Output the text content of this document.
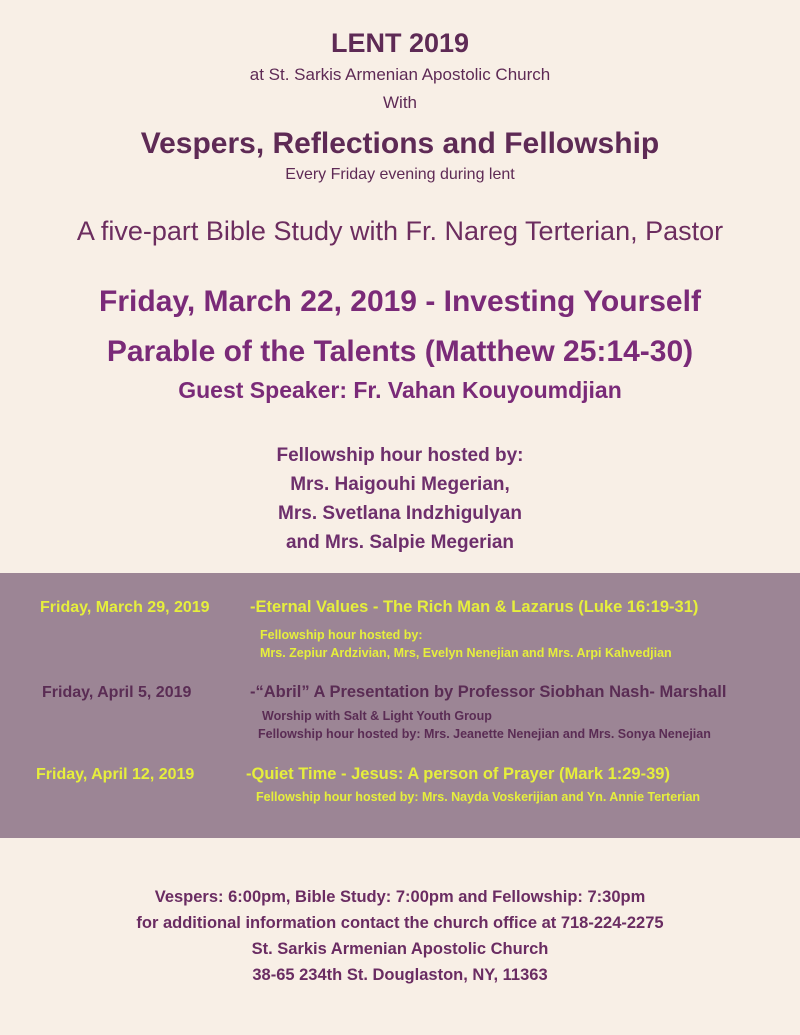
LENT 2019
at St. Sarkis Armenian Apostolic Church
With
Vespers, Reflections and Fellowship
Every Friday evening during lent
A five-part Bible Study with Fr. Nareg Terterian, Pastor
Friday, March 22, 2019 - Investing Yourself
Parable of the Talents (Matthew 25:14-30)
Guest Speaker: Fr. Vahan Kouyoumdjian
Fellowship hour hosted by:
Mrs. Haigouhi Megerian,
Mrs. Svetlana Indzhigulyan
and Mrs. Salpie Megerian
Friday, March 29, 2019 -Eternal Values - The Rich Man & Lazarus (Luke 16:19-31)
Fellowship hour hosted by:
Mrs. Zepiur Ardzivian, Mrs, Evelyn Nenejian and Mrs. Arpi Kahvedjian
Friday, April 5, 2019	-“Abril” A Presentation by Professor Siobhan Nash- Marshall
Worship with Salt & Light Youth Group
Fellowship hour hosted by: Mrs. Jeanette Nenejian and Mrs. Sonya Nenejian
Friday, April 12, 2019	-Quiet Time - Jesus: A person of Prayer (Mark 1:29-39)
Fellowship hour hosted by: Mrs. Nayda Voskerijian and Yn. Annie Terterian
Vespers: 6:00pm, Bible Study: 7:00pm and Fellowship: 7:30pm
for additional information contact the church office at 718-224-2275
St. Sarkis Armenian Apostolic Church
38-65 234th St. Douglaston, NY, 11363
